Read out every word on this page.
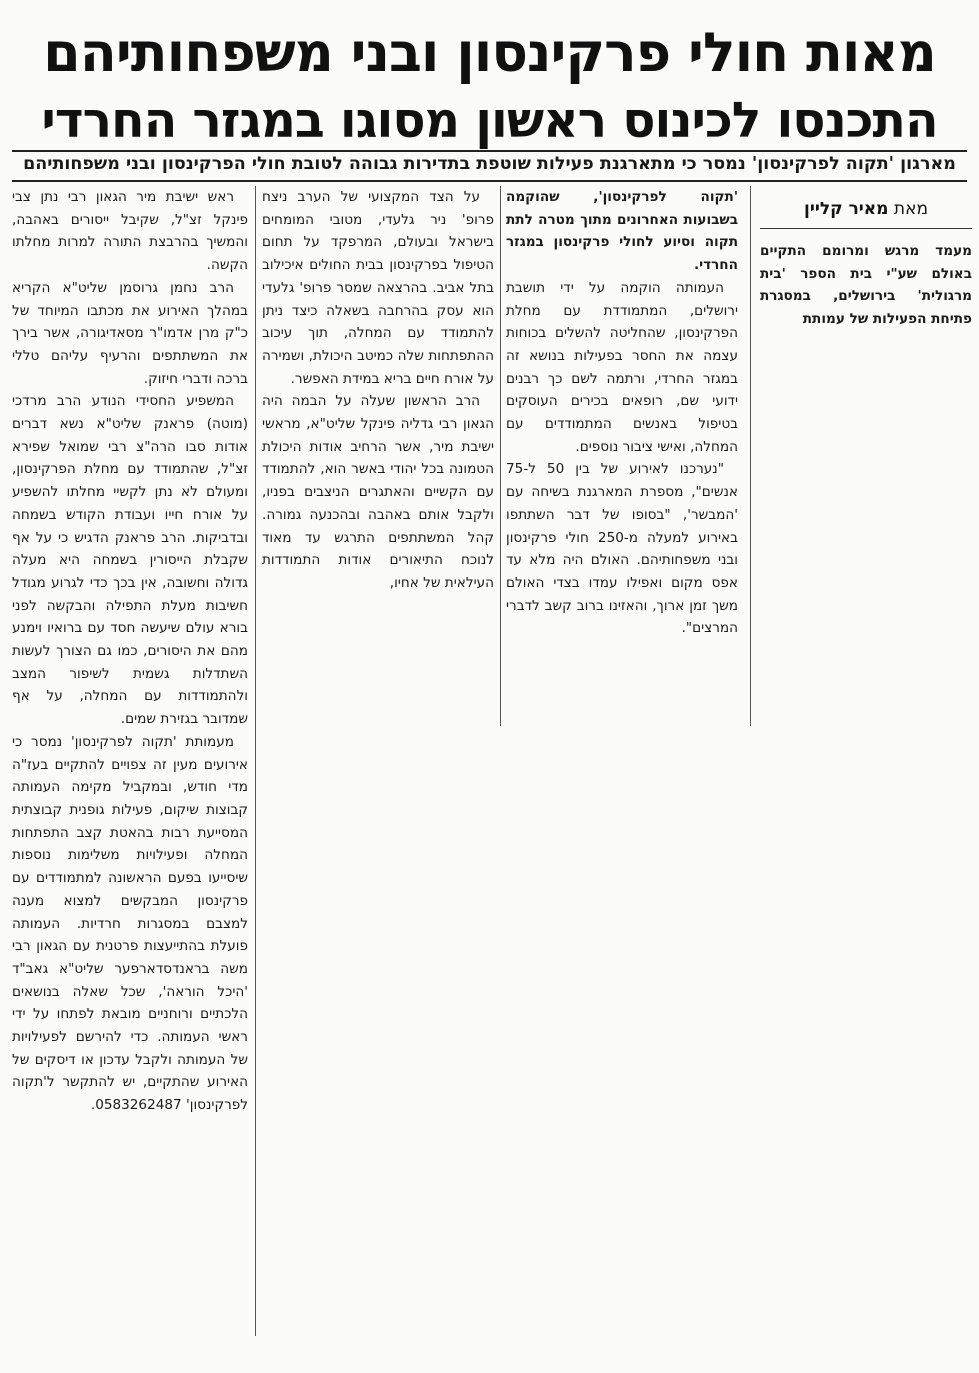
מאות חולי פרקינסון ובני משפחותיהם
התכנסו לכינוס ראשון מסוגו במגזר החרדי
מארגון 'תקוה לפרקינסון' נמסר כי מתארגנת פעילות שוטפת בתדירות גבוהה לטובת חולי הפרקינסון ובני משפחותיהם
מאת מאיר קליין

מעמד מרגש ומרומם התקיים באולם שע"י בית הספר 'בית מרגולית' בירושלים, במסגרת פתיחת הפעילות של עמותת

'תקוה לפרקינסון', שהוקמה בשבועות האחרונים מתוך מטרה לתת תקוה וסיוע לחולי פרקינסון במגזר החרדי.

העמותה הוקמה על ידי תושבת ירושלים, המתמודדת עם מחלת הפרקינסון, שהחליטה להשלים בכוחות עצמה את החסר בפעילות בנושא זה במגזר החרדי, ורתמה לשם כך רבנים ידועי שם, רופאים בכירים העוסקים בטיפול באנשים המתמודדים עם המחלה, ואישי ציבור נוספים.

"נערכנו לאירוע של בין 50 ל-75 אנשים", מספרת המארגנת בשיחה עם 'המבשר', "בסופו של דבר השתתפו באירוע למעלה מ-250 חולי פרקינסון ובני משפחותיהם. האולם היה מלא עד אפס מקום ואפילו עמדו בצדי האולם משך זמן ארוך, והאזינו ברוב קשב לדברי המרצים".

על הצד המקצועי של הערב ניצח פרופ' ניר גלעדי, מטובי המומחים בישראל ובעולם, המרפקד על תחום הטיפול בפרקינסון בבית החולים איכילוב בתל אביב. בהרצאה שמסר פרופ' גלעדי הוא עסק בהרחבה בשאלה כיצד ניתן להתמודד עם המחלה, תוך עיכוב ההתפתחות שלה כמיטב היכולת, ושמירה על אורח חיים בריא במידת האפשר.

הרב הראשון שעלה על הבמה היה הגאון רבי גדליה פינקל שליט"א, מראשי ישיבת מיר, אשר הרחיב אודות היכולת הטמונה בכל יהודי באשר הוא, להתמודד עם הקשיים והאתגרים הניצבים בפניו, ולקבל אותם באהבה ובהכנעה גמורה. קהל המשתתפים התרגש עד מאוד לנוכח התיאורים אודות התמודדות העילאית של אחיו,

ראש ישיבת מיר הגאון רבי נתן צבי פינקל זצ"ל, שקיבל ייסורים באהבה, והמשיך בהרבצת התורה למרות מחלתו הקשה.

הרב נחמן גרוסמן שליט"א הקריא במהלך האירוע את מכתבו המיוחד של כ"ק מרן אדמו"ר מסאדיגורה, אשר בירך את המשתתפים והרעיף עליהם טללי ברכה ודברי חיזוק.

המשפיע החסידי הנודע הרב מרדכי (מוטה) פראנק שליט"א נשא דברים אודות סבו הרה"צ רבי שמואל שפירא זצ"ל, שהתמודד עם מחלת הפרקינסון, ומעולם לא נתן לקשיי מחלתו להשפיע על אורח חייו ועבודת הקודש בשמחה ובדביקות. הרב פראנק הדגיש כי על אף שקבלת הייסורין בשמחה היא מעלה גדולה וחשובה, אין בכך כדי לגרוע מגודל חשיבות מעלת התפילה והבקשה לפני בורא עולם שיעשה חסד עם ברואיו וימנע מהם את היסורים, כמו גם הצורך לעשות השתדלות גשמית לשיפור המצב ולהתמודדות עם המחלה, על אף שמדובר בגזירת שמים.

מעמותת 'תקוה לפרקינסון' נמסר כי אירועים מעין זה צפויים להתקיים בעז"ה מדי חודש, ובמקביל מקימה העמותה קבוצות שיקום, פעילות גופנית קבוצתית המסייעת רבות בהאטת קצב התפתחות המחלה ופעילויות משלימות נוספות שיסייעו בפעם הראשונה למתמודדים עם פרקינסון המבקשים למצוא מענה למצבם במסגרות חרדיות. העמותה פועלת בהתייעצות פרטנית עם הגאון רבי משה בראנדסדארפער שליט"א גאב"ד 'היכל הוראה', שכל שאלה בנושאים הלכתיים ורוחניים מובאת לפתחו על ידי ראשי העמותה. כדי להירשם לפעילויות של העמותה ולקבל עדכון או דיסקים של האירוע שהתקיים, יש להתקשר ל'תקוה לפרקינסון' 0583262487.
